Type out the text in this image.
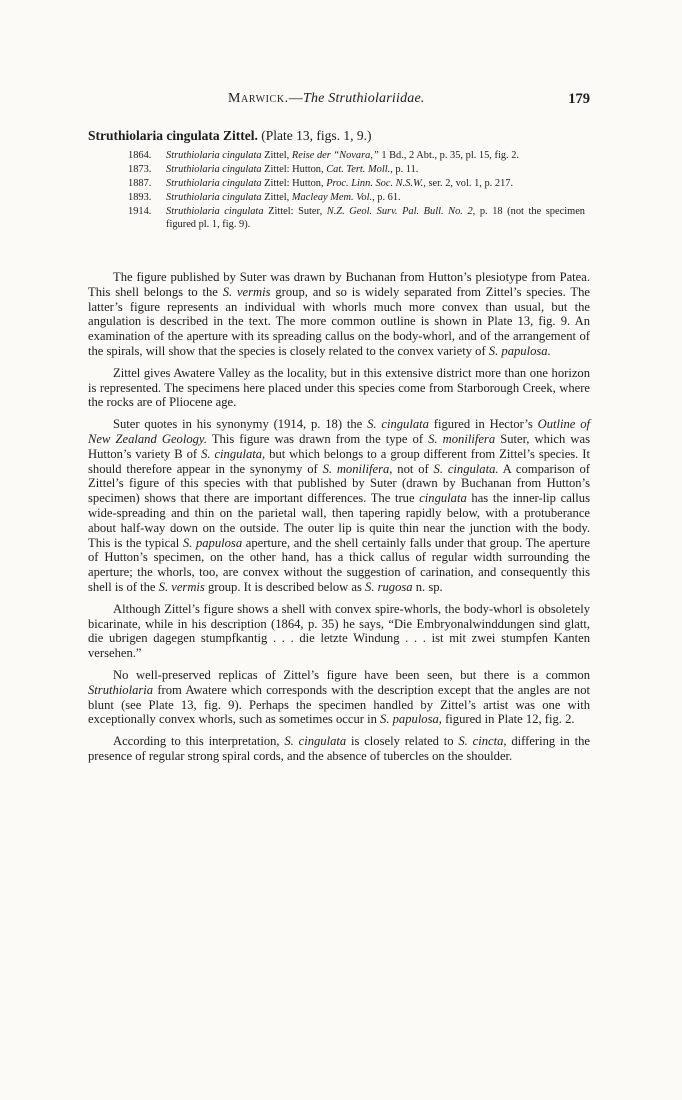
Marwick.—The Struthiolariidae.	179
Struthiolaria cingulata Zittel. (Plate 13, figs. 1, 9.)
1864.	Struthiolaria cingulata Zittel, Reise der “Novara,” 1 Bd., 2 Abt., p. 35, pl. 15, fig. 2.
1873.	Struthiolaria cingulata Zittel: Hutton, Cat. Tert. Moll., p. 11.
1887.	Struthiolaria cingulata Zittel: Hutton, Proc. Linn. Soc. N.S.W., ser. 2, vol. 1, p. 217.
1893.	Struthiolaria cingulata Zittel, Macleay Mem. Vol., p. 61.
1914.	Struthiolaria cingulata Zittel: Suter, N.Z. Geol. Surv. Pal. Bull. No. 2, p. 18 (not the specimen figured pl. 1, fig. 9).

The figure published by Suter was drawn by Buchanan from Hutton’s plesiotype from Patea. This shell belongs to the S. vermis group, and so is widely separated from Zittel’s species. The latter’s figure represents an individual with whorls much more convex than usual, but the angulation is described in the text. The more common outline is shown in Plate 13, fig. 9. An examination of the aperture with its spreading callus on the body-whorl, and of the arrangement of the spirals, will show that the species is closely related to the convex variety of S. papulosa.

Zittel gives Awatere Valley as the locality, but in this extensive district more than one horizon is represented. The specimens here placed under this species come from Starborough Creek, where the rocks are of Pliocene age.

Suter quotes in his synonymy (1914, p. 18) the S. cingulata figured in Hector’s Outline of New Zealand Geology. This figure was drawn from the type of S. monilifera Suter, which was Hutton’s variety B of S. cingulata, but which belongs to a group different from Zittel’s species. It should therefore appear in the synonymy of S. monilifera, not of S. cingulata. A comparison of Zittel’s figure of this species with that published by Suter (drawn by Buchanan from Hutton’s specimen) shows that there are important differences. The true cingulata has the inner-lip callus wide-spreading and thin on the parietal wall, then tapering rapidly below, with a protuberance about half-way down on the outside. The outer lip is quite thin near the junction with the body. This is the typical S. papulosa aperture, and the shell certainly falls under that group. The aperture of Hutton’s specimen, on the other hand, has a thick callus of regular width surrounding the aperture; the whorls, too, are convex without the suggestion of carination, and consequently this shell is of the S. vermis group. It is described below as S. rugosa n. sp.

Although Zittel’s figure shows a shell with convex spire-whorls, the body-whorl is obsoletely bicarinate, while in his description (1864, p. 35) he says, “Die Embryonalwinddungen sind glatt, die ubrigen dagegen stumpfkantig . . . die letzte Windung . . . ist mit zwei stumpfen Kanten versehen.”

No well-preserved replicas of Zittel’s figure have been seen, but there is a common Struthiolaria from Awatere which corresponds with the description except that the angles are not blunt (see Plate 13, fig. 9). Perhaps the specimen handled by Zittel’s artist was one with exceptionally convex whorls, such as sometimes occur in S. papulosa, figured in Plate 12, fig. 2.

According to this interpretation, S. cingulata is closely related to S. cincta, differing in the presence of regular strong spiral cords, and the absence of tubercles on the shoulder.
